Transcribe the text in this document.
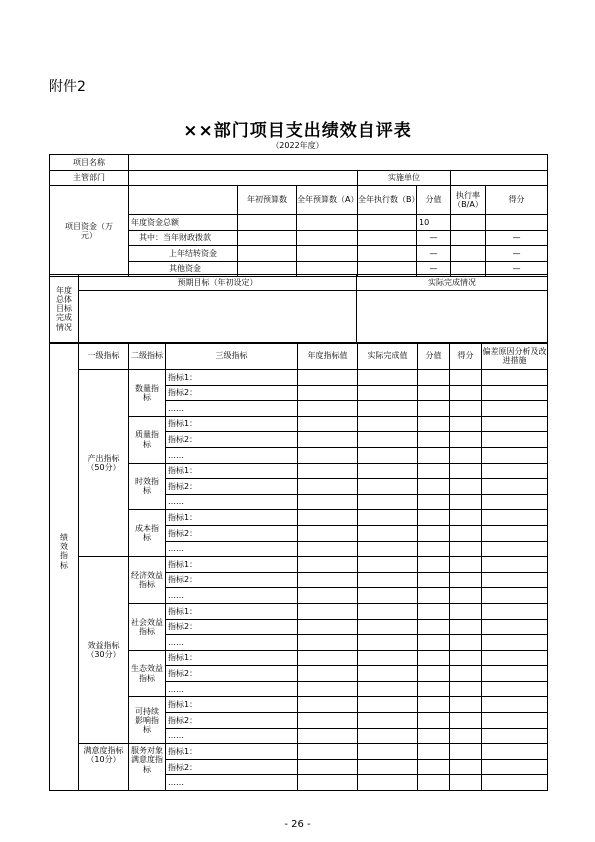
附件2
××部门项目支出绩效自评表
（2022年度）
项目名称							
主管部门				实施单位			
项目资金（万元）		年初预算数	全年预算数（A）	全年执行数（B）	分值	执行率（B/A）	得分
	年度资金总额				10		
	其中：当年财政拨款				—		—
	上年结转资金				—		—
	其他资金				—		—
年度总体目标完成情况	预期目标（年初设定）	实际完成情况

绩效指标	一级指标	二级指标	三级指标	年度指标值	实际完成值	分值	得分	偏差原因分析及改进措施
	产出指标（50分）	数量指标	指标1：					
			指标2：					
			……					
		质量指标	指标1：					
			指标2：					
			……					
		时效指标	指标1：					
			指标2：					
			……					
		成本指标	指标1：					
			指标2：					
			……					
	效益指标（30分）	经济效益指标	指标1：					
			指标2：					
			……					
		社会效益指标	指标1：					
			指标2：					
			……					
		生态效益指标	指标1：					
			指标2：					
			……					
		可持续影响指标	指标1：					
			指标2：					
			……					
	满意度指标（10分）	服务对象满意度指标	指标1：					
			指标2：					
			……					
- 26 -
